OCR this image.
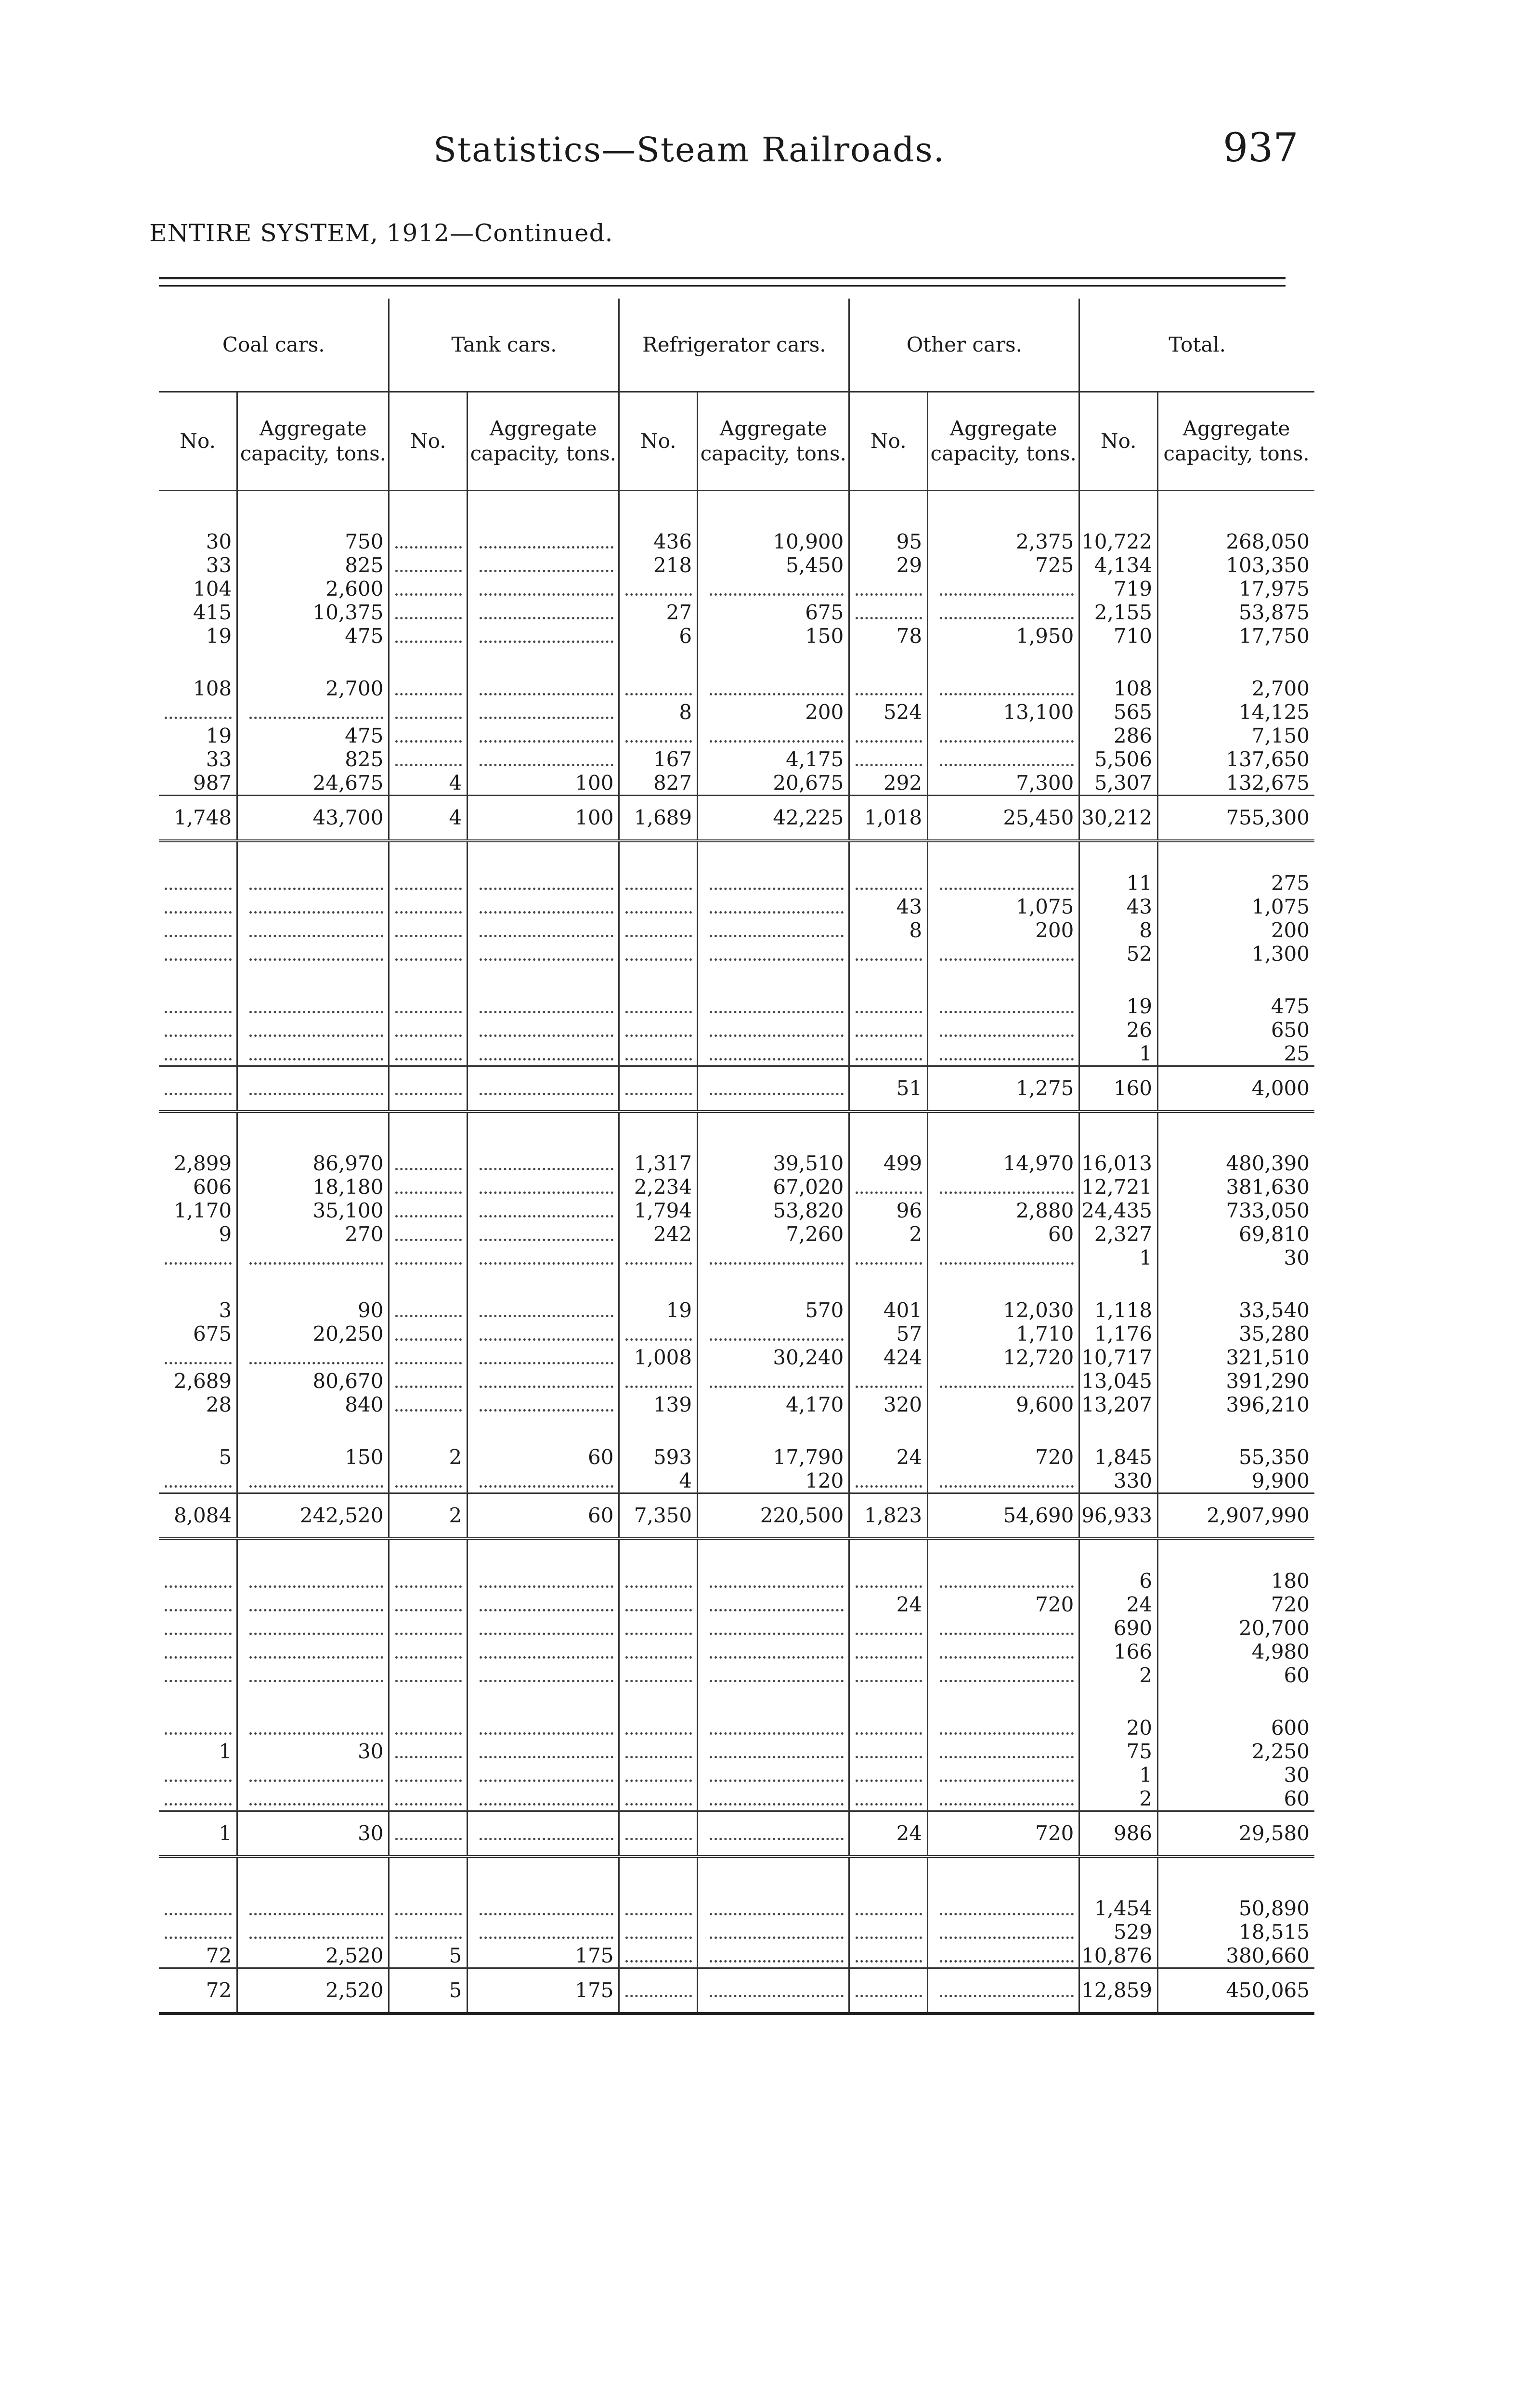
Statistics—Steam Railroads.	937
ENTIRE SYSTEM, 1912—Continued.
Coal cars.		Tank cars.		Refrigerator cars.		Other cars.		Total.	
No.	Aggregate capacity, tons.	No.	Aggregate capacity, tons.	No.	Aggregate capacity, tons.	No.	Aggregate capacity, tons.	No.	Aggregate capacity, tons.

30	750			436	10,900	95	2,375	10,722	268,050
33	825			218	5,450	29	725	4,134	103,350
104	2,600							719	17,975
415	10,375			27	675			2,155	53,875
19	475			6	150	78	1,950	710	17,750

108	2,700							108	2,700
				8	200	524	13,100	565	14,125
19	475							286	7,150
33	825			167	4,175			5,506	137,650
987	24,675	4	100	827	20,675	292	7,300	5,307	132,675
1,748	43,700	4	100	1,689	42,225	1,018	25,450	30,212	755,300

								11	275
						43	1,075	43	1,075
						8	200	8	200
								52	1,300

								19	475
								26	650
								1	25
						51	1,275	160	4,000

2,899	86,970			1,317	39,510	499	14,970	16,013	480,390
606	18,180			2,234	67,020			12,721	381,630
1,170	35,100			1,794	53,820	96	2,880	24,435	733,050
9	270			242	7,260	2	60	2,327	69,810
								1	30

3	90			19	570	401	12,030	1,118	33,540
675	20,250					57	1,710	1,176	35,280
				1,008	30,240	424	12,720	10,717	321,510
2,689	80,670							13,045	391,290
28	840			139	4,170	320	9,600	13,207	396,210

5	150	2	60	593	17,790	24	720	1,845	55,350
				4	120			330	9,900
8,084	242,520	2	60	7,350	220,500	1,823	54,690	96,933	2,907,990

								6	180
						24	720	24	720
								690	20,700
								166	4,980
								2	60

								20	600
1	30							75	2,250
								1	30
								2	60
1	30					24	720	986	29,580

								1,454	50,890
								529	18,515
72	2,520	5	175					10,876	380,660
72	2,520	5	175					12,859	450,065
